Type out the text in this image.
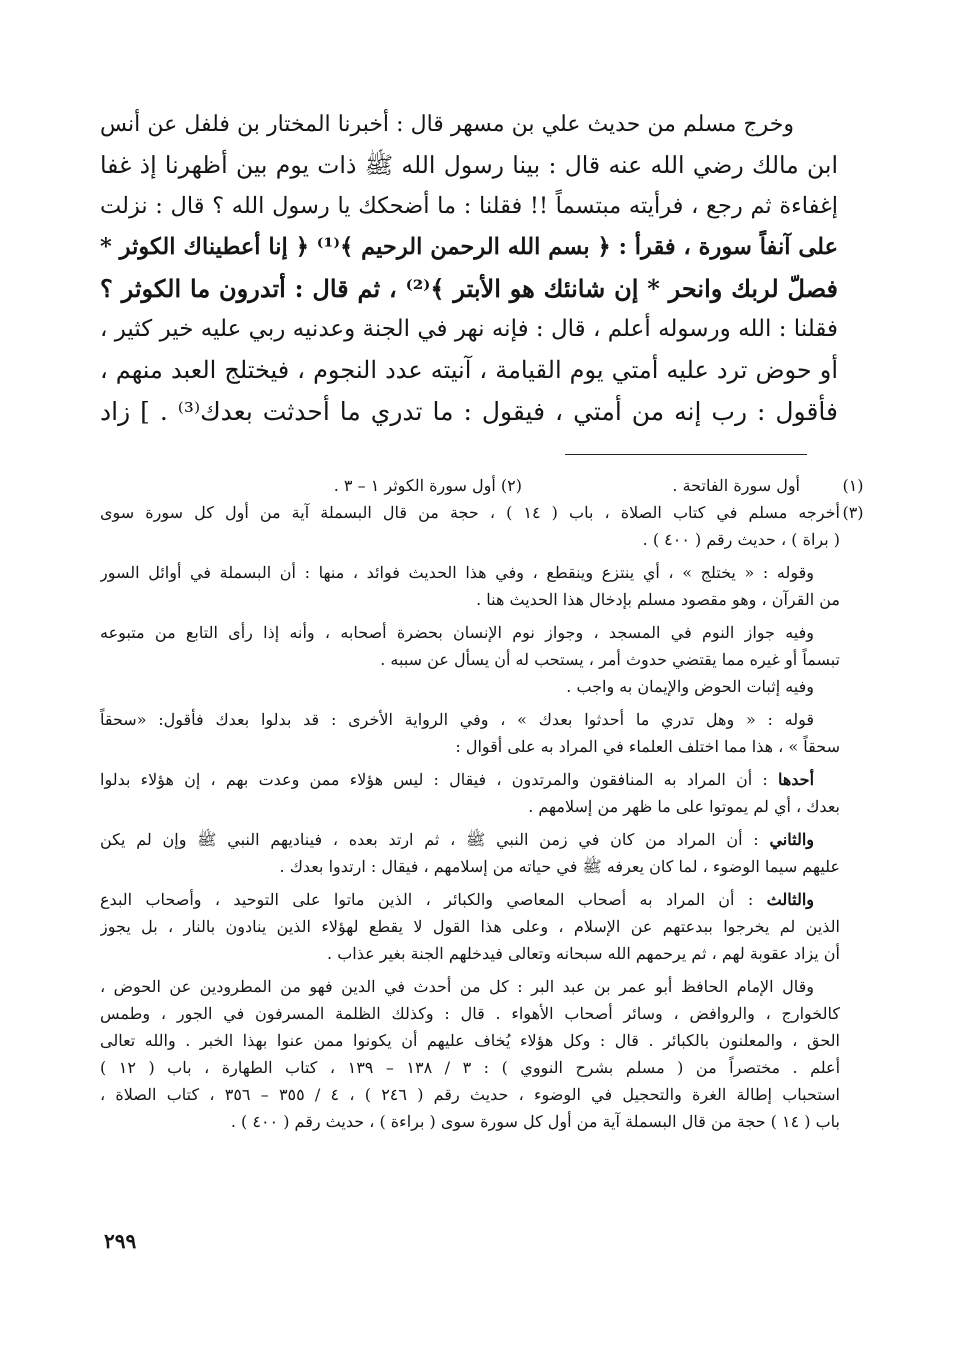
وخرج مسلم من حديث علي بن مسهر قال : أخبرنا المختار بن فلفل عن أنس
ابن مالك رضي الله عنه قال : بينا رسول الله ﷺ ذات يوم بين أظهرنا إذ غفا
إغفاءة ثم رجع ، فرأيته مبتسماً !! فقلنا : ما أضحكك يا رسول الله ؟ قال : نزلت
على آنفاً سورة ، فقرأ : ﴿ بسم الله الرحمن الرحيم ﴾⁽¹⁾ ﴿ إنا أعطيناك الكوثر *
فصلّ لربك وانحر * إن شانئك هو الأبتر ﴾⁽²⁾ ، ثم قال : أتدرون ما الكوثر ؟
فقلنا : الله ورسوله أعلم ، قال : فإنه نهر في الجنة وعدنيه ربي عليه خير كثير ،
أو حوض ترد عليه أمتي يوم القيامة ، آنيته عدد النجوم ، فيختلج العبد منهم ،
فأقول : رب إنه من أمتي ، فيقول : ما تدري ما أحدثت بعدك⁽³⁾ . ] زاد
(١)
أول سورة الفاتحة .
(٢) أول سورة الكوثر ١ – ٣ .
(٣)
أخرجه مسلم في كتاب الصلاة ، باب ( ١٤ ) ، حجة من قال البسملة آية من أول كل سورة سوى
( براة ) ، حديث رقم ( ٤٠٠ ) .
وقوله : « يختلج » ، أي ينتزع وينقطع ، وفي هذا الحديث فوائد ، منها : أن البسملة في أوائل السور
من القرآن ، وهو مقصود مسلم بإدخال هذا الحديث هنا .
وفيه جواز النوم في المسجد ، وجواز نوم الإنسان بحضرة أصحابه ، وأنه إذا رأى التابع من متبوعه
تبسماً أو غيره مما يقتضي حدوث أمر ، يستحب له أن يسأل عن سببه .
وفيه إثبات الحوض والإيمان به واجب .
قوله : « وهل تدري ما أحدثوا بعدك » ، وفي الرواية الأخرى : قد بدلوا بعدك فأقول: «سحقاً
سحقاً » ، هذا مما اختلف العلماء في المراد به على أقوال :
أحدها : أن المراد به المنافقون والمرتدون ، فيقال : ليس هؤلاء ممن وعدت بهم ، إن هؤلاء بدلوا
بعدك ، أي لم يموتوا على ما ظهر من إسلامهم .
والثاني : أن المراد من كان في زمن النبي ﷺ ، ثم ارتد بعده ، فيناديهم النبي ﷺ وإن لم يكن
عليهم سيما الوضوء ، لما كان يعرفه ﷺ في حياته من إسلامهم ، فيقال : ارتدوا بعدك .
والثالث : أن المراد به أصحاب المعاصي والكبائر ، الذين ماتوا على التوحيد ، وأصحاب البدع
الذين لم يخرجوا ببدعتهم عن الإسلام ، وعلى هذا القول لا يقطع لهؤلاء الذين ينادون بالنار ، بل يجوز
أن يزاد عقوبة لهم ، ثم يرحمهم الله سبحانه وتعالى فيدخلهم الجنة بغير عذاب .
وقال الإمام الحافظ أبو عمر بن عبد البر : كل من أحدث في الدين فهو من المطرودين عن الحوض ،
كالخوارج ، والروافض ، وسائر أصحاب الأهواء . قال : وكذلك الظلمة المسرفون في الجور ، وطمس
الحق ، والمعلنون بالكبائر . قال : وكل هؤلاء يُخاف عليهم أن يكونوا ممن عنوا بهذا الخبر . والله تعالى
أعلم . مختصراً من ( مسلم بشرح النووي ) : ٣ / ١٣٨ – ١٣٩ ، كتاب الطهارة ، باب ( ١٢ )
استحباب إطالة الغرة والتحجيل في الوضوء ، حديث رقم ( ٢٤٦ ) ، ٤ / ٣٥٥ – ٣٥٦ ، كتاب الصلاة ،
باب ( ١٤ ) حجة من قال البسملة آية من أول كل سورة سوى ( براءة ) ، حديث رقم ( ٤٠٠ ) .
٢٩٩
